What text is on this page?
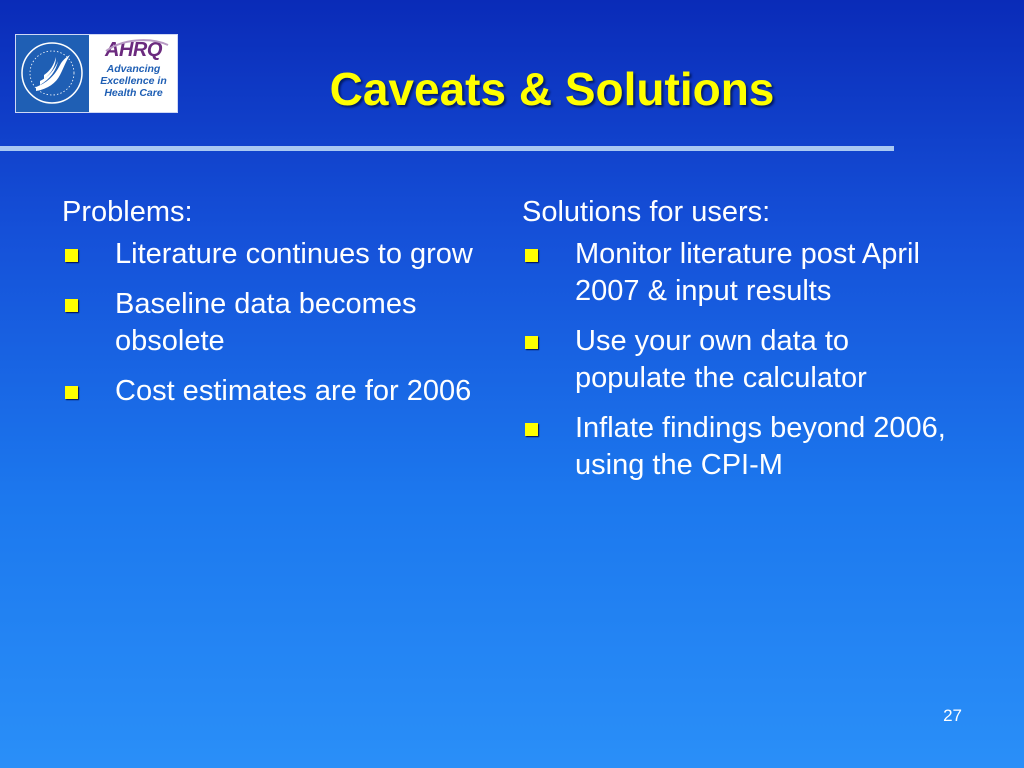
AHRQ
Advancing
Excellence in
Health Care	Caveats & Solutions
Problems:
Literature continues to grow
Baseline data becomes obsolete
Cost estimates are for 2006
Solutions for users:
Monitor literature post April 2007 & input results
Use your own data to populate the calculator
Inflate findings beyond 2006, using the CPI-M
27
